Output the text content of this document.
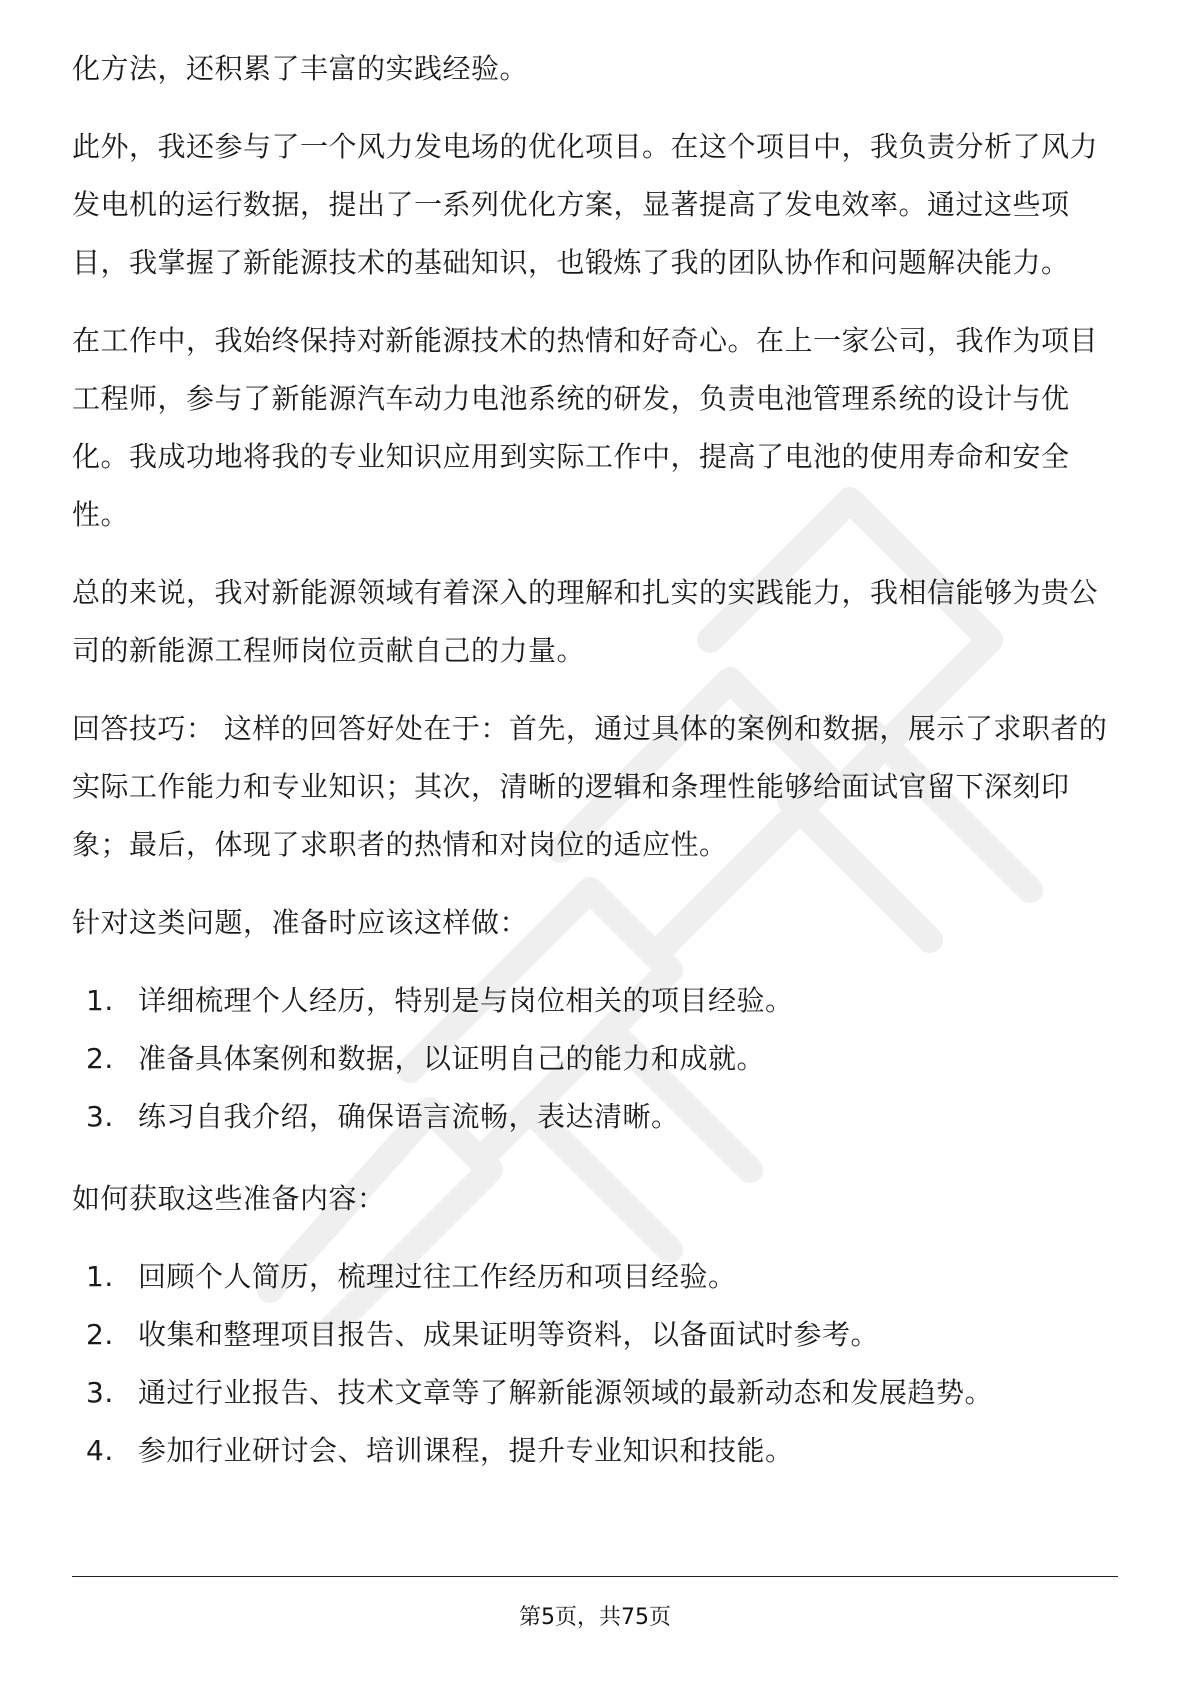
化方法，还积累了丰富的实践经验。

此外，我还参与了一个风力发电场的优化项目。在这个项目中，我负责分析了风力发电机的运行数据，提出了一系列优化方案，显著提高了发电效率。通过这些项目，我掌握了新能源技术的基础知识，也锻炼了我的团队协作和问题解决能力。

在工作中，我始终保持对新能源技术的热情和好奇心。在上一家公司，我作为项目工程师，参与了新能源汽车动力电池系统的研发，负责电池管理系统的设计与优化。我成功地将我的专业知识应用到实际工作中，提高了电池的使用寿命和安全性。

总的来说，我对新能源领域有着深入的理解和扎实的实践能力，我相信能够为贵公司的新能源工程师岗位贡献自己的力量。

回答技巧： 这样的回答好处在于：首先，通过具体的案例和数据，展示了求职者的实际工作能力和专业知识；其次，清晰的逻辑和条理性能够给面试官留下深刻印象；最后，体现了求职者的热情和对岗位的适应性。

针对这类问题，准备时应该这样做：

1. 详细梳理个人经历，特别是与岗位相关的项目经验。
2. 准备具体案例和数据，以证明自己的能力和成就。
3. 练习自我介绍，确保语言流畅，表达清晰。

如何获取这些准备内容：

1. 回顾个人简历，梳理过往工作经历和项目经验。
2. 收集和整理项目报告、成果证明等资料，以备面试时参考。
3. 通过行业报告、技术文章等了解新能源领域的最新动态和发展趋势。
4. 参加行业研讨会、培训课程，提升专业知识和技能。
第5页，共75页
